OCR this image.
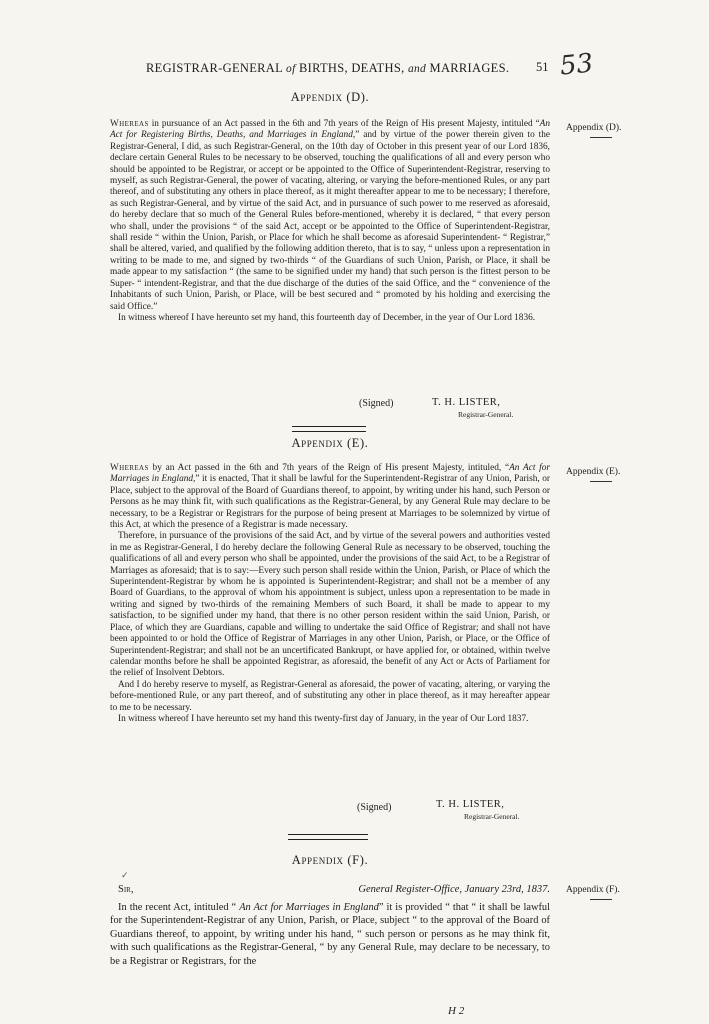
REGISTRAR-GENERAL of BIRTHS, DEATHS, and MARRIAGES.	51 53
Appendix (D).
Appendix (D).

Whereas in pursuance of an Act passed in the 6th and 7th years of the Reign of His present Majesty, intituled “An Act for Registering Births, Deaths, and Marriages in England,” and by virtue of the power therein given to the Registrar-General, I did, as such Registrar-General, on the 10th day of October in this present year of our Lord 1836, declare certain General Rules to be necessary to be observed, touching the qualifications of all and every person who should be appointed to be Registrar, or accept or be appointed to the Office of Superintendent-Registrar, reserving to myself, as such Registrar-General, the power of vacating, altering, or varying the before-mentioned Rules, or any part thereof, and of substituting any others in place thereof, as it might thereafter appear to me to be necessary; I therefore, as such Registrar-General, and by virtue of the said Act, and in pursuance of such power to me reserved as aforesaid, do hereby declare that so much of the General Rules before-mentioned, whereby it is declared, “ that every person who shall, under the provisions “ of the said Act, accept or be appointed to the Office of Superintendent-Registrar, shall reside “ within the Union, Parish, or Place for which he shall become as aforesaid Superintendent- “ Registrar,” shall be altered, varied, and qualified by the following addition thereto, that is to say, “ unless upon a representation in writing to be made to me, and signed by two-thirds “ of the Guardians of such Union, Parish, or Place, it shall be made appear to my satisfaction “ (the same to be signified under my hand) that such person is the fittest person to be Super- “ intendent-Registrar, and that the due discharge of the duties of the said Office, and the “ convenience of the Inhabitants of such Union, Parish, or Place, will be best secured and “ promoted by his holding and exercising the said Office.”

In witness whereof I have hereunto set my hand, this fourteenth day of December, in the year of Our Lord 1836.

(Signed)	T. H. LISTER,
Registrar-General.
Appendix (E).
Appendix (E).

Whereas by an Act passed in the 6th and 7th years of the Reign of His present Majesty, intituled, “An Act for Marriages in England,” it is enacted, That it shall be lawful for the Superintendent-Registrar of any Union, Parish, or Place, subject to the approval of the Board of Guardians thereof, to appoint, by writing under his hand, such Person or Persons as he may think fit, with such qualifications as the Registrar-General, by any General Rule may declare to be necessary, to be a Registrar or Registrars for the purpose of being present at Marriages to be solemnized by virtue of this Act, at which the presence of a Registrar is made necessary.

Therefore, in pursuance of the provisions of the said Act, and by virtue of the several powers and authorities vested in me as Registrar-General, I do hereby declare the following General Rule as necessary to be observed, touching the qualifications of all and every person who shall be appointed, under the provisions of the said Act, to be a Registrar of Marriages as aforesaid; that is to say:—Every such person shall reside within the Union, Parish, or Place of which the Superintendent-Registrar by whom he is appointed is Superintendent-Registrar; and shall not be a member of any Board of Guardians, to the approval of whom his appointment is subject, unless upon a representation to be made in writing and signed by two-thirds of the remaining Members of such Board, it shall be made to appear to my satisfaction, to be signified under my hand, that there is no other person resident within the said Union, Parish, or Place, of which they are Guardians, capable and willing to undertake the said Office of Registrar; and shall not have been appointed to or hold the Office of Registrar of Marriages in any other Union, Parish, or Place, or the Office of Superintendent-Registrar; and shall not be an uncertificated Bankrupt, or have applied for, or obtained, within twelve calendar months before he shall be appointed Registrar, as aforesaid, the benefit of any Act or Acts of Parliament for the relief of Insolvent Debtors.

And I do hereby reserve to myself, as Registrar-General as aforesaid, the power of vacating, altering, or varying the before-mentioned Rule, or any part thereof, and of substituting any other in place thereof, as it may hereafter appear to me to be necessary.

In witness whereof I have hereunto set my hand this twenty-first day of January, in the year of Our Lord 1837.

(Signed)	T. H. LISTER,
Registrar-General.
Appendix (F).
✓
Appendix (F).
Sir,	General Register-Office, January 23rd, 1837.
In the recent Act, intituled “ An Act for Marriages in England” it is provided “ that “ it shall be lawful for the Superintendent-Registrar of any Union, Parish, or Place, subject “ to the approval of the Board of Guardians thereof, to appoint, by writing under his hand, “ such person or persons as he may think fit, with such qualifications as the Registrar-General, “ by any General Rule, may declare to be necessary, to be a Registrar or Registrars, for the
H 2
